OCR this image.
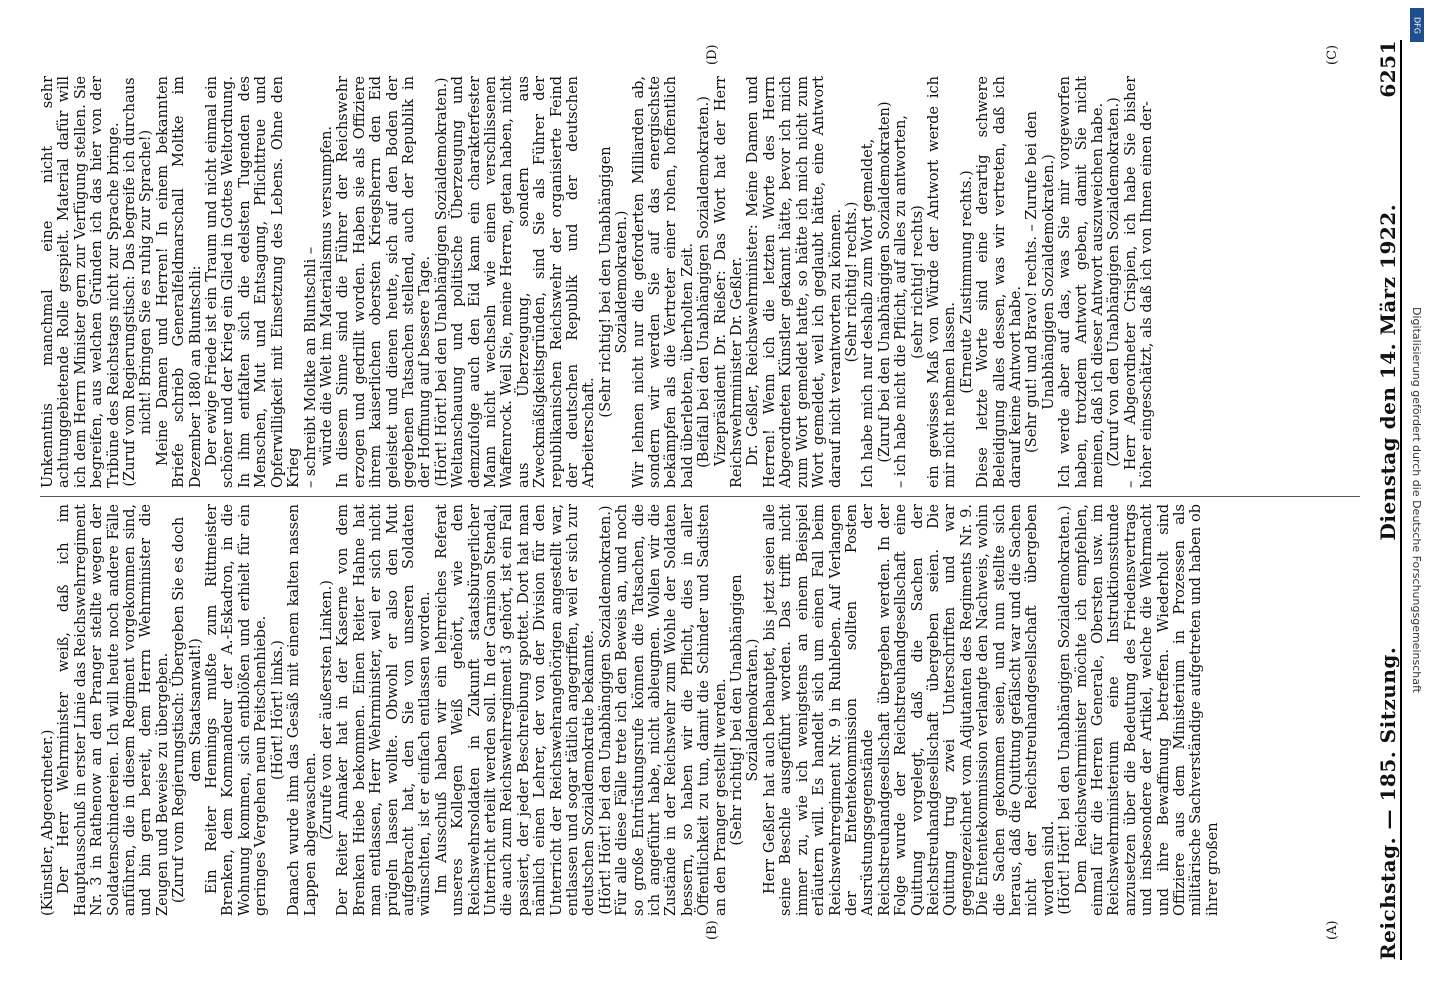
Reichstag. — 185. Sitzung.
Dienstag den 14. März 1922.
6251
(A)
(B)
(C)
(D)

(Künstler, Abgeordneter.) Der Herr Wehrminister weiß, daß ich im Hauptausschuß in erster Linie das Reichswehrregiment Nr. 3 in Rathenow an den Pranger stellte wegen der Soldatenschindereien. Ich will heute noch andere Fälle anführen, die in diesem Regiment vorgekommen sind, und bin gern bereit, dem Herrn Wehrminister die Zeugen und Beweise zu übergeben. (Zuruf vom Regierungstisch: Übergeben Sie es doch dem Staatsanwalt!) Ein Reiter Hennings mußte zum Rittmeister Brenken, dem Kommandeur der A.-Eskadron, in die Wohnung kommen, sich entblößen und erhielt für ein geringes Vergehen neun Peitschenhiebe. (Hört! Hört! links.) Danach wurde ihm das Gesäß mit einem kalten nassen Lappen abgewaschen. (Zurufe von der äußersten Linken.) Der Reiter Annaker hat in der Kaserne von dem Brenken Hiebe bekommen. Einen Reiter Hahne hat man entlassen, Herr Wehrminister, weil er sich nicht prügeln lassen wollte. Obwohl er also den Mut aufgebracht hat, den Sie von unseren Soldaten wünschten, ist er einfach entlassen worden. Im Ausschuß haben wir ein lehrreiches Referat unseres Kollegen Weiß gehört, wie den Reichswehrsoldaten in Zukunft staatsbürgerlicher Unterricht erteilt werden soll. In der Garnison Stendal, die auch zum Reichswehrregiment 3 gehört, ist ein Fall passiert, der jeder Beschreibung spottet. Dort hat man nämlich einen Lehrer, der von der Division für den Unterricht der Reichswehrangehörigen angestellt war, entlassen und sogar tätlich angegriffen, weil er sich zur deutschen Sozialdemokratie bekannte. (Hört! Hört! bei den Unabhängigen Sozialdemokraten.) Für alle diese Fälle trete ich den Beweis an, und noch so große Entrüstungsrufe können die Tatsachen, die ich angeführt habe, nicht ableugnen. Wollen wir die Zustände in der Reichswehr zum Wohle der Soldaten bessern, so haben wir die Pflicht, dies in aller Öffentlichkeit zu tun, damit die Schinder und Sadisten an den Pranger gestellt werden. (Sehr richtig! bei den Unabhängigen Sozialdemokraten.) Herr Geßler hat auch behauptet, bis jetzt seien alle seine Beschle ausgeführt worden. Das trifft nicht immer zu, wie ich wenigstens an einem Beispiel erläutern will. Es handelt sich um einen Fall beim Reichswehrregiment Nr. 9 in Ruhleben. Auf Verlangen der Ententekommission sollten Posten Ausrüstungsgegenstände der Reichstreuhandgesellschaft übergeben werden. In der Folge wurde der Reichstreuhandgesellschaft eine Quittung vorgelegt, daß die Sachen der Reichstreuhandgesellschaft übergeben seien. Die Quittung trug zwei Unterschriften und war gegengezeichnet vom Adjutanten des Regiments Nr. 9. Die Ententekommission verlangte den Nachweis, wohin die Sachen gekommen seien, und nun stellte sich heraus, daß die Quittung gefälscht war und die Sachen nicht der Reichstreuhandgesellschaft übergeben worden sind. (Hört! Hört! bei den Unabhängigen Sozialdemokraten.) Dem Reichswehrminister möchte ich empfehlen, einmal für die Herren Generale, Obersten usw. im Reichswehrministerium eine Instruktionsstunde anzusetzen über die Bedeutung des Friedensvertrags und insbesondere der Artikel, welche die Wehrmacht und ihre Bewaffnung betreffen. Wiederholt sind Offiziere aus dem Ministerium in Prozessen als militärische Sachverständige aufgetreten und haben ob ihrer großen

Unkenntnis manchmal eine nicht sehr achtunggebietende Rolle gespielt. Material dafür will ich dem Herrn Minister gern zur Verfügung stellen. Sie begreifen, aus welchen Gründen ich das hier von der Tribüne des Reichstags nicht zur Sprache bringe. (Zuruf vom Regierungstisch: Das begreife ich durchaus nicht! Bringen Sie es ruhig zur Sprache!) Meine Damen und Herren! In einem bekannten Briefe schrieb Generalfeldmarschall Moltke im Dezember 1880 an Bluntschli: Der ewige Friede ist ein Traum und nicht einmal ein schöner und der Krieg ein Glied in Gottes Weltordnung. In ihm entfalten sich die edelsten Tugenden des Menschen, Mut und Entsagung, Pflichttreue und Opferwilligkeit mit Einsetzung des Lebens. Ohne den Krieg – schreibt Moltke an Bluntschli – würde die Welt im Materialismus versumpfen. In diesem Sinne sind die Führer der Reichswehr erzogen und gedrillt worden. Haben sie als Offiziere ihrem kaiserlichen obersten Kriegsherrn den Eid geleistet und dienen heute, sich auf den Boden der gegebenen Tatsachen stellend, auch der Republik in der Hoffnung auf bessere Tage. (Hört! Hört! bei den Unabhängigen Sozialdemokraten.) Weltanschauung und politische Überzeugung und demzufolge auch den Eid kann ein charakterfester Mann nicht wechseln wie einen verschlissenen Waffenrock. Weil Sie, meine Herren, getan haben, nicht aus Überzeugung, sondern aus Zweckmäßigkeitsgründen, sind Sie als Führer der republikanischen Reichswehr der organisierte Feind der deutschen Republik und der deutschen Arbeiterschaft.

(Sehr richtig! bei den Unabhängigen Sozialdemokraten.) Wir lehnen nicht nur die geforderten Milliarden ab, sondern wir werden Sie auf das energischste bekämpfen als die Vertreter einer rohen, hoffentlich bald überlebten, überholten Zeit. (Beifall bei den Unabhängigen Sozialdemokraten.) Vizepräsident Dr. Rießer: Das Wort hat der Herr Reichswehrminister Dr. Geßler. Dr. Geßler, Reichswehrminister: Meine Damen und Herren! Wenn ich die letzten Worte des Herrn Abgeordneten Künstler gekannt hätte, bevor ich mich zum Wort gemeldet hatte, so hätte ich mich nicht zum Wort gemeldet, weil ich geglaubt hätte, eine Antwort darauf nicht verantworten zu können. (Sehr richtig! rechts.) Ich habe mich nur deshalb zum Wort gemeldet, (Zuruf bei den Unabhängigen Sozialdemokraten) – ich habe nicht die Pflicht, auf alles zu antworten, (sehr richtig! rechts) ein gewisses Maß von Würde der Antwort werde ich mir nicht nehmen lassen.

(Erneute Zustimmung rechts.) Diese letzte Worte sind eine derartig schwere Beleidigung alles dessen, was wir vertreten, daß ich darauf keine Antwort habe. (Sehr gut! und Bravo! rechts. – Zurufe bei den Unabhängigen Sozialdemokraten.) Ich werde aber auf das, was Sie mir vorgeworfen haben, trotzdem Antwort geben, damit Sie nicht meinen, daß ich dieser Antwort auszuweichen habe. (Zuruf von den Unabhängigen Sozialdemokraten.) – Herr Abgeordneter Crispien, ich habe Sie bisher höher eingeschätzt, als daß ich von Ihnen einen der-

DFG
Digitalisierung gefördert durch die Deutsche Forschungsgemeinschaft
